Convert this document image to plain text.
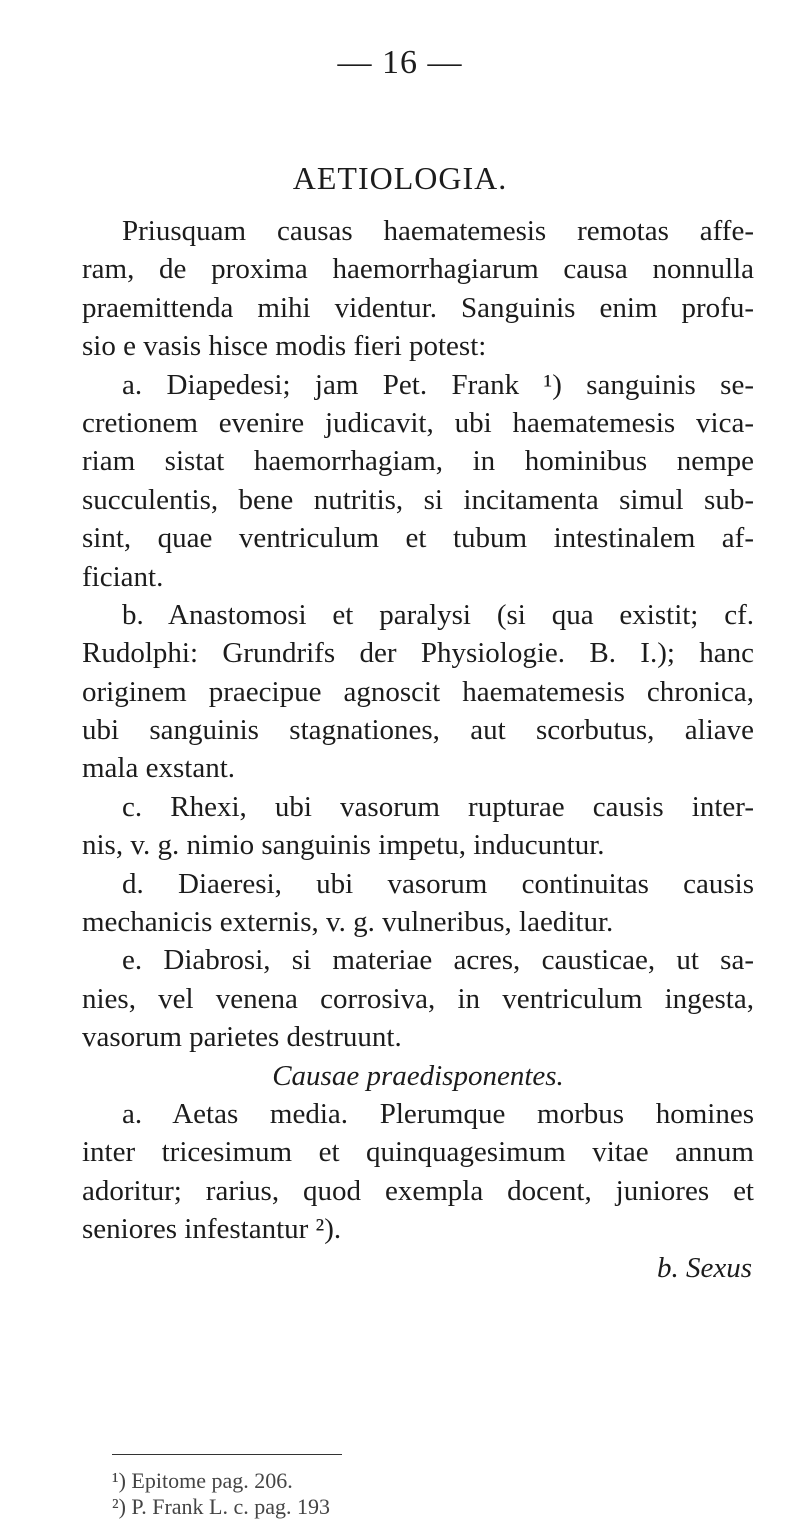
— 16 —
AETIOLOGIA.
Priusquam causas haematemesis remotas affe-
ram, de proxima haemorrhagiarum causa nonnulla
praemittenda mihi videntur. Sanguinis enim profu-
sio e vasis hisce modis fieri potest:
a. Diapedesi; jam Pet. Frank ¹) sanguinis se-
cretionem evenire judicavit, ubi haematemesis vica-
riam sistat haemorrhagiam, in hominibus nempe
succulentis, bene nutritis, si incitamenta simul sub-
sint, quae ventriculum et tubum intestinalem af-
ficiant.
b. Anastomosi et paralysi (si qua existit; cf.
Rudolphi: Grundrifs der Physiologie. B. I.); hanc
originem praecipue agnoscit haematemesis chronica,
ubi sanguinis stagnationes, aut scorbutus, aliave
mala exstant.
c. Rhexi, ubi vasorum rupturae causis inter-
nis, v. g. nimio sanguinis impetu, inducuntur.
d. Diaeresi, ubi vasorum continuitas causis
mechanicis externis, v. g. vulneribus, laeditur.
e. Diabrosi, si materiae acres, causticae, ut sa-
nies, vel venena corrosiva, in ventriculum ingesta,
vasorum parietes destruunt.
Causae praedisponentes.
a. Aetas media. Plerumque morbus homines
inter tricesimum et quinquagesimum vitae annum
adoritur; rarius, quod exempla docent, juniores et
seniores infestantur ²).
b. Sexus
¹) Epitome pag. 206.
²) P. Frank L. c. pag. 193
